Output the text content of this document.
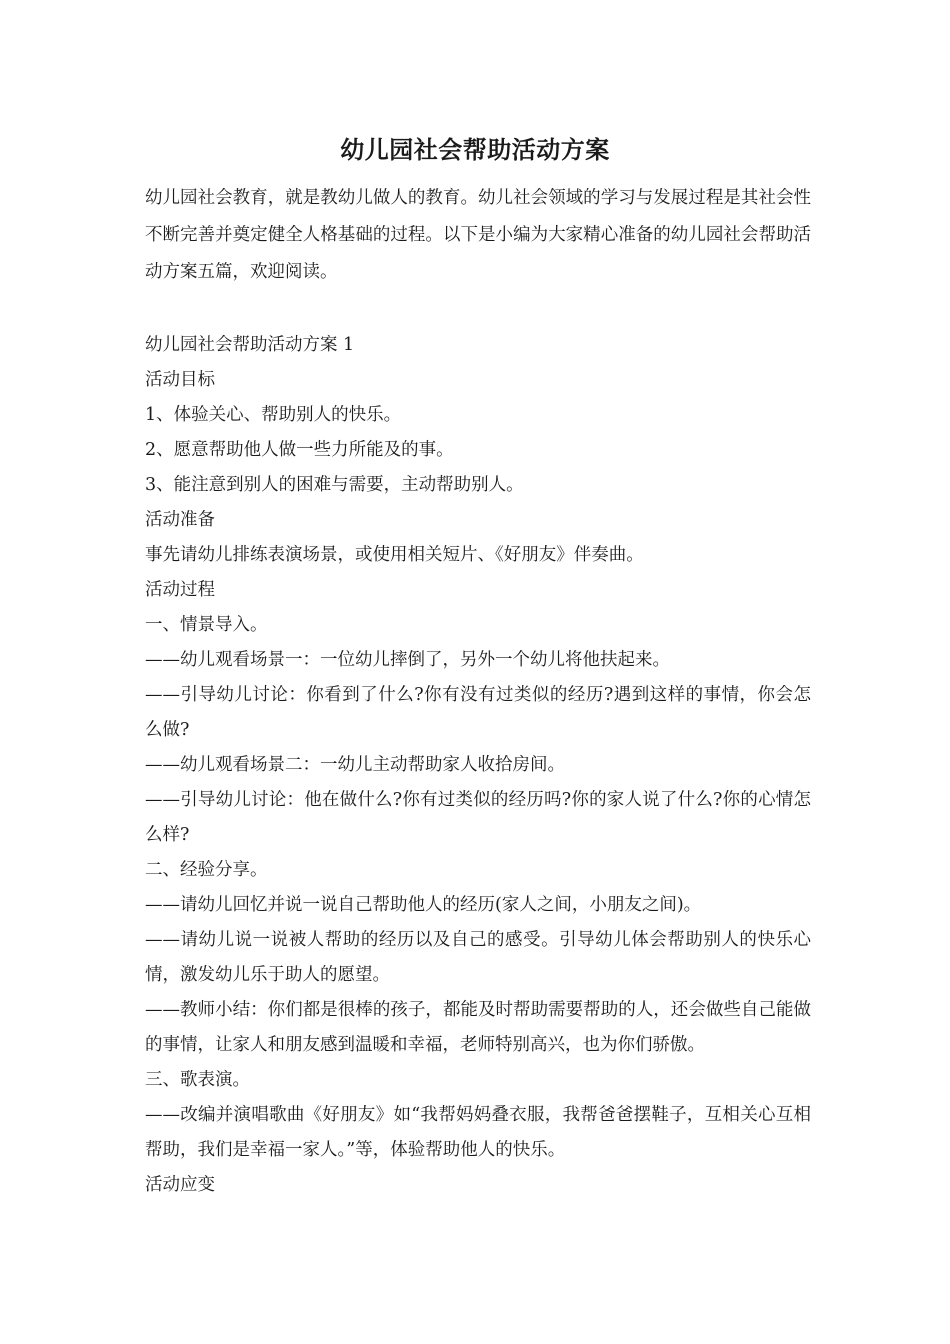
幼儿园社会帮助活动方案

幼儿园社会教育，就是教幼儿做人的教育。幼儿社会领域的学习与发展过程是其社会性不断完善并奠定健全人格基础的过程。以下是小编为大家精心准备的幼儿园社会帮助活动方案五篇，欢迎阅读。

幼儿园社会帮助活动方案 1

活动目标

1、体验关心、帮助别人的快乐。

2、愿意帮助他人做一些力所能及的事。

3、能注意到别人的困难与需要，主动帮助别人。

活动准备

事先请幼儿排练表演场景，或使用相关短片、《好朋友》伴奏曲。

活动过程

一、情景导入。

——幼儿观看场景一：一位幼儿摔倒了，另外一个幼儿将他扶起来。

——引导幼儿讨论：你看到了什么?你有没有过类似的经历?遇到这样的事情，你会怎么做?

——幼儿观看场景二：一幼儿主动帮助家人收拾房间。

——引导幼儿讨论：他在做什么?你有过类似的经历吗?你的家人说了什么?你的心情怎么样?

二、经验分享。

——请幼儿回忆并说一说自己帮助他人的经历(家人之间，小朋友之间)。

——请幼儿说一说被人帮助的经历以及自己的感受。引导幼儿体会帮助别人的快乐心情，激发幼儿乐于助人的愿望。

——教师小结：你们都是很棒的孩子，都能及时帮助需要帮助的人，还会做些自己能做的事情，让家人和朋友感到温暖和幸福，老师特别高兴，也为你们骄傲。

三、歌表演。

——改编并演唱歌曲《好朋友》如“我帮妈妈叠衣服，我帮爸爸摆鞋子，互相关心互相帮助，我们是幸福一家人。”等，体验帮助他人的快乐。

活动应变
